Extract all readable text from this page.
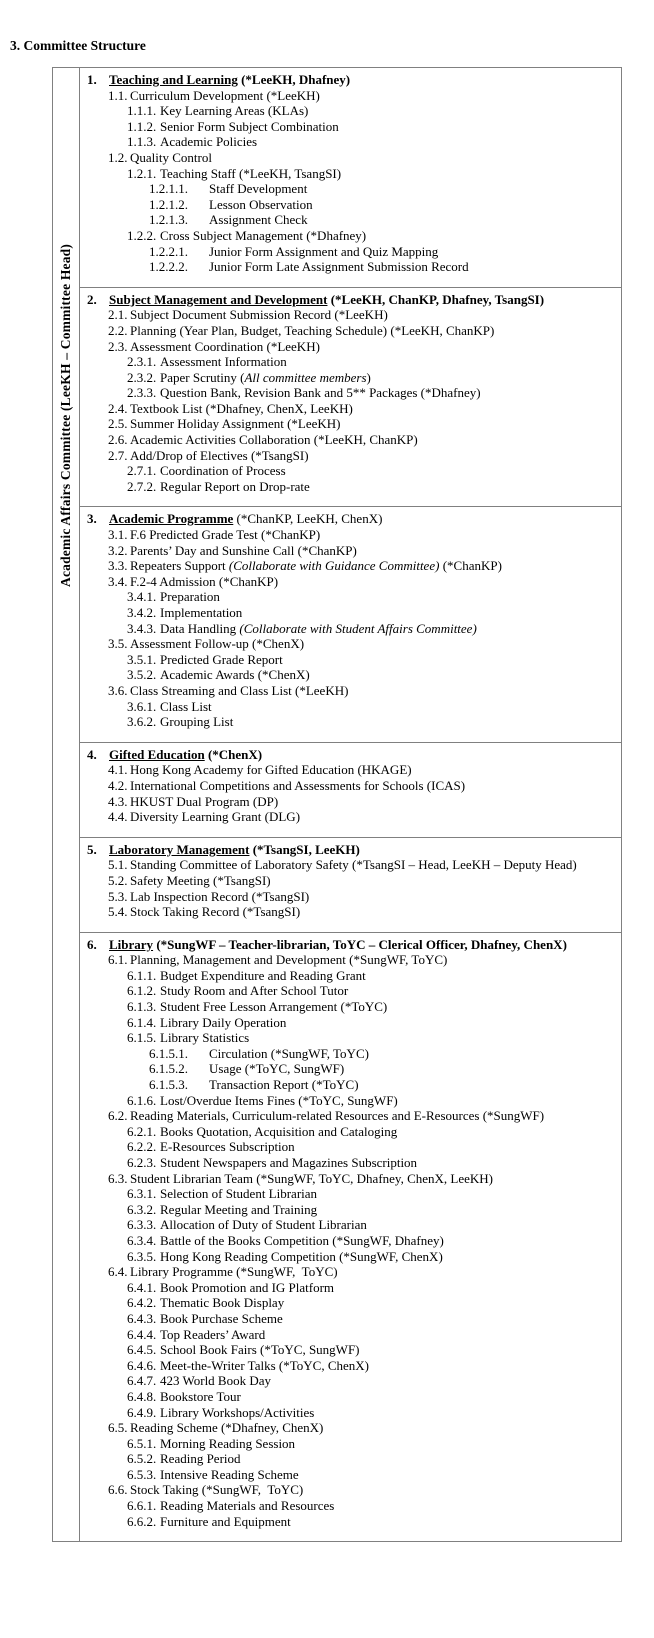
3. Committee Structure
Academic Affairs Committee (LeeKH – Committee Head)
1. Teaching and Learning (*LeeKH, Dhafney)
1.1. Curriculum Development (*LeeKH)
1.1.1. Key Learning Areas (KLAs)
1.1.2. Senior Form Subject Combination
1.1.3. Academic Policies
1.2. Quality Control
1.2.1. Teaching Staff (*LeeKH, TsangSI)
1.2.1.1.	Staff Development
1.2.1.2.	Lesson Observation
1.2.1.3.	Assignment Check
1.2.2. Cross Subject Management (*Dhafney)
1.2.2.1.	Junior Form Assignment and Quiz Mapping
1.2.2.2.	Junior Form Late Assignment Submission Record
2. Subject Management and Development (*LeeKH, ChanKP, Dhafney, TsangSI)
2.1. Subject Document Submission Record (*LeeKH)
2.2. Planning (Year Plan, Budget, Teaching Schedule) (*LeeKH, ChanKP)
2.3. Assessment Coordination (*LeeKH)
2.3.1. Assessment Information
2.3.2. Paper Scrutiny (All committee members)
2.3.3. Question Bank, Revision Bank and 5** Packages (*Dhafney)
2.4. Textbook List (*Dhafney, ChenX, LeeKH)
2.5. Summer Holiday Assignment (*LeeKH)
2.6. Academic Activities Collaboration (*LeeKH, ChanKP)
2.7. Add/Drop of Electives (*TsangSI)
2.7.1. Coordination of Process
2.7.2. Regular Report on Drop-rate
3. Academic Programme (*ChanKP, LeeKH, ChenX)
3.1. F.6 Predicted Grade Test (*ChanKP)
3.2. Parents’ Day and Sunshine Call (*ChanKP)
3.3. Repeaters Support (Collaborate with Guidance Committee) (*ChanKP)
3.4. F.2-4 Admission (*ChanKP)
3.4.1. Preparation
3.4.2. Implementation
3.4.3. Data Handling (Collaborate with Student Affairs Committee)
3.5. Assessment Follow-up (*ChenX)
3.5.1. Predicted Grade Report
3.5.2. Academic Awards (*ChenX)
3.6. Class Streaming and Class List (*LeeKH)
3.6.1. Class List
3.6.2. Grouping List
4. Gifted Education (*ChenX)
4.1. Hong Kong Academy for Gifted Education (HKAGE)
4.2. International Competitions and Assessments for Schools (ICAS)
4.3. HKUST Dual Program (DP)
4.4. Diversity Learning Grant (DLG)
5. Laboratory Management (*TsangSI, LeeKH)
5.1. Standing Committee of Laboratory Safety (*TsangSI – Head, LeeKH – Deputy Head)
5.2. Safety Meeting (*TsangSI)
5.3. Lab Inspection Record (*TsangSI)
5.4. Stock Taking Record (*TsangSI)
6. Library (*SungWF – Teacher-librarian, ToYC – Clerical Officer, Dhafney, ChenX)
6.1. Planning, Management and Development (*SungWF, ToYC)
6.1.1. Budget Expenditure and Reading Grant
6.1.2. Study Room and After School Tutor
6.1.3. Student Free Lesson Arrangement (*ToYC)
6.1.4. Library Daily Operation
6.1.5. Library Statistics
6.1.5.1.	Circulation (*SungWF, ToYC)
6.1.5.2.	Usage (*ToYC, SungWF)
6.1.5.3.	Transaction Report (*ToYC)
6.1.6. Lost/Overdue Items Fines (*ToYC, SungWF)
6.2. Reading Materials, Curriculum-related Resources and E-Resources (*SungWF)
6.2.1. Books Quotation, Acquisition and Cataloging
6.2.2. E-Resources Subscription
6.2.3. Student Newspapers and Magazines Subscription
6.3. Student Librarian Team (*SungWF, ToYC, Dhafney, ChenX, LeeKH)
6.3.1. Selection of Student Librarian
6.3.2. Regular Meeting and Training
6.3.3. Allocation of Duty of Student Librarian
6.3.4. Battle of the Books Competition (*SungWF, Dhafney)
6.3.5. Hong Kong Reading Competition (*SungWF, ChenX)
6.4. Library Programme (*SungWF,  ToYC)
6.4.1. Book Promotion and IG Platform
6.4.2. Thematic Book Display
6.4.3. Book Purchase Scheme
6.4.4. Top Readers’ Award
6.4.5. School Book Fairs (*ToYC, SungWF)
6.4.6. Meet-the-Writer Talks (*ToYC, ChenX)
6.4.7. 423 World Book Day
6.4.8. Bookstore Tour
6.4.9. Library Workshops/Activities
6.5. Reading Scheme (*Dhafney, ChenX)
6.5.1. Morning Reading Session
6.5.2. Reading Period
6.5.3. Intensive Reading Scheme
6.6. Stock Taking (*SungWF,  ToYC)
6.6.1. Reading Materials and Resources
6.6.2. Furniture and Equipment
